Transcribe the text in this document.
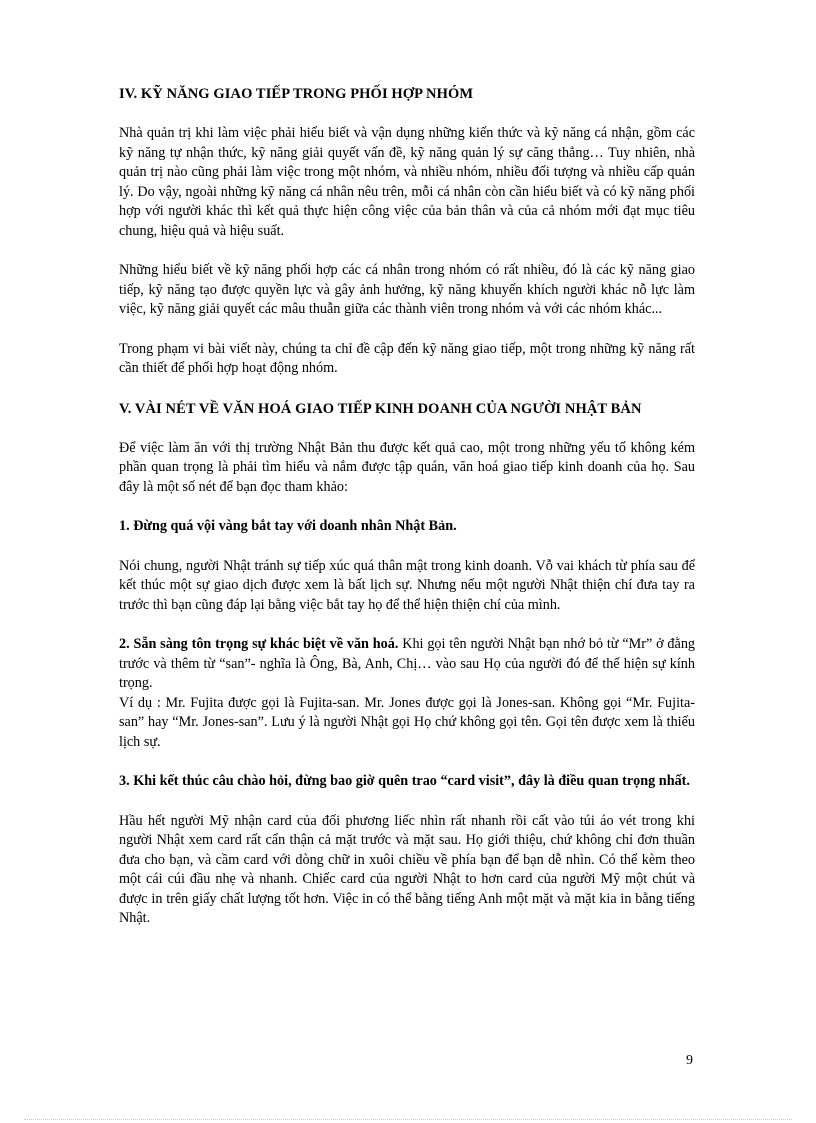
IV. KỸ NĂNG GIAO TIẾP TRONG PHỐI HỢP NHÓM

Nhà quản trị khi làm việc phải hiểu biết và vận dụng những kiến thức và kỹ năng cá nhận, gồm các kỹ năng tự nhận thức, kỹ năng giải quyết vấn đề, kỹ năng quản lý sự căng thẳng… Tuy nhiên, nhà quản trị nào cũng phải làm việc trong một nhóm, và nhiều nhóm, nhiều đối tượng và nhiều cấp quản lý. Do vậy, ngoài những kỹ năng cá nhân nêu trên, mỗi cá nhân còn cần hiểu biết và có kỹ năng phối hợp với người khác thì kết quả thực hiện công việc của bản thân và của cả nhóm mới đạt mục tiêu chung, hiệu quả và hiệu suất.

Những hiểu biết về kỹ năng phối hợp các cá nhân trong nhóm có rất nhiều, đó là các kỹ năng giao tiếp, kỹ năng tạo được quyền lực và gây ảnh hưởng, kỹ năng khuyến khích người khác nỗ lực làm việc, kỹ năng giải quyết các mâu thuẫn giữa các thành viên trong nhóm và với các nhóm khác...

Trong phạm vi bài viết này, chúng ta chỉ đề cập đến kỹ năng giao tiếp, một trong những kỹ năng rất cần thiết để phối hợp hoạt động nhóm.

V. VÀI NÉT VỀ VĂN HOÁ GIAO TIẾP KINH DOANH CỦA NGƯỜI NHẬT BẢN

Để việc làm ăn với thị trường Nhật Bản thu được kết quả cao, một trong những yếu tố không kém phần quan trọng là phải tìm hiểu và nắm được tập quán, văn hoá giao tiếp kinh doanh của họ. Sau đây là một số nét để bạn đọc tham khảo:

1. Đừng quá vội vàng bắt tay với doanh nhân Nhật Bản.

Nói chung, người Nhật tránh sự tiếp xúc quá thân mật trong kinh doanh. Vỗ vai khách từ phía sau để kết thúc một sự giao dịch được xem là bất lịch sự. Nhưng nếu một người Nhật thiện chí đưa tay ra trước thì bạn cũng đáp lại bằng việc bắt tay họ để thể hiện thiện chí của mình.

2. Sẵn sàng tôn trọng sự khác biệt về văn hoá. Khi gọi tên người Nhật bạn nhớ bỏ từ “Mr” ở đằng trước và thêm từ “san”- nghĩa là Ông, Bà, Anh, Chị… vào sau Họ của người đó để thể hiện sự kính trọng.

Ví dụ : Mr. Fujita được gọi là Fujita-san. Mr. Jones được gọi là Jones-san. Không gọi “Mr. Fujita-san” hay “Mr. Jones-san”. Lưu ý là người Nhật gọi Họ chứ không gọi tên. Gọi tên được xem là thiếu lịch sự.

3. Khi kết thúc câu chào hỏi, đừng bao giờ quên trao “card visit”, đây là điều quan trọng nhất.

Hầu hết người Mỹ nhận card của đối phương liếc nhìn rất nhanh rồi cất vào túi áo vét trong khi người Nhật xem card rất cẩn thận cả mặt trước và mặt sau. Họ giới thiệu, chứ không chỉ đơn thuần đưa cho bạn, và cầm card với dòng chữ in xuôi chiều về phía bạn để bạn dễ nhìn. Có thể kèm theo một cái cúi đầu nhẹ và nhanh. Chiếc card của người Nhật to hơn card của người Mỹ một chút và được in trên giấy chất lượng tốt hơn. Việc in có thể bằng tiếng Anh một mặt và mặt kia in bằng tiếng Nhật.

9
